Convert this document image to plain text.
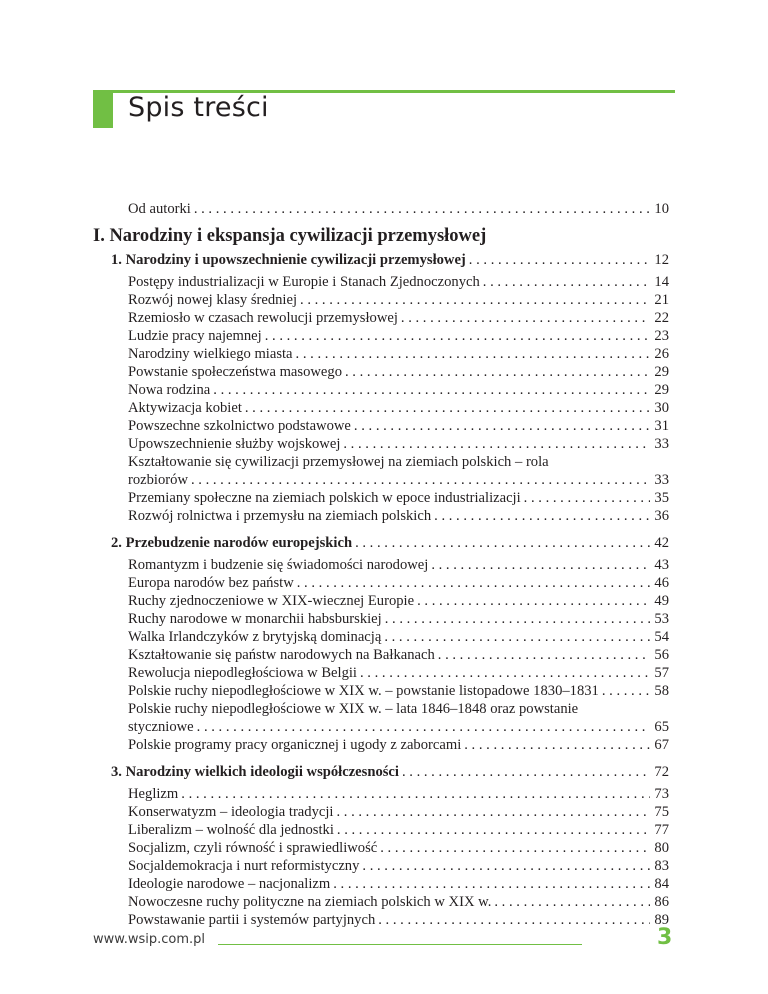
Spis treści
Od autorki . . .	10
I. Narodziny i ekspansja cywilizacji przemysłowej
1. Narodziny i upowszechnienie cywilizacji przemysłowej . . .	12
Postępy industrializacji w Europie i Stanach Zjednoczonych . . .	14
Rozwój nowej klasy średniej . . .	21
Rzemiosło w czasach rewolucji przemysłowej . . .	22
Ludzie pracy najemnej . . .	23
Narodziny wielkiego miasta . . .	26
Powstanie społeczeństwa masowego . . .	29
Nowa rodzina . . .	29
Aktywizacja kobiet . . .	30
Powszechne szkolnictwo podstawowe . . .	31
Upowszechnienie służby wojskowej . . .	33
Kształtowanie się cywilizacji przemysłowej na ziemiach polskich – rola
rozbiorów . . .	33
Przemiany społeczne na ziemiach polskich w epoce industrializacji . . .	35
Rozwój rolnictwa i przemysłu na ziemiach polskich . . .	36
2. Przebudzenie narodów europejskich . . .	42
Romantyzm i budzenie się świadomości narodowej . . .	43
Europa narodów bez państw . . .	46
Ruchy zjednoczeniowe w XIX-wiecznej Europie . . .	49
Ruchy narodowe w monarchii habsburskiej . . .	53
Walka Irlandczyków z brytyjską dominacją . . .	54
Kształtowanie się państw narodowych na Bałkanach . . .	56
Rewolucja niepodległościowa w Belgii . . .	57
Polskie ruchy niepodległościowe w XIX w. – powstanie listopadowe 1830–1831 . . .	58
Polskie ruchy niepodległościowe w XIX w. – lata 1846–1848 oraz powstanie
styczniowe . . .	65
Polskie programy pracy organicznej i ugody z zaborcami . . .	67
3. Narodziny wielkich ideologii współczesności . . .	72
Heglizm . . .	73
Konserwatyzm – ideologia tradycji . . .	75
Liberalizm – wolność dla jednostki . . .	77
Socjalizm, czyli równość i sprawiedliwość . . .	80
Socjaldemokracja i nurt reformistyczny . . .	83
Ideologie narodowe – nacjonalizm . . .	84
Nowoczesne ruchy polityczne na ziemiach polskich w XIX w. . . .	86
Powstawanie partii i systemów partyjnych . . .	89
www.wsip.com.pl	3
